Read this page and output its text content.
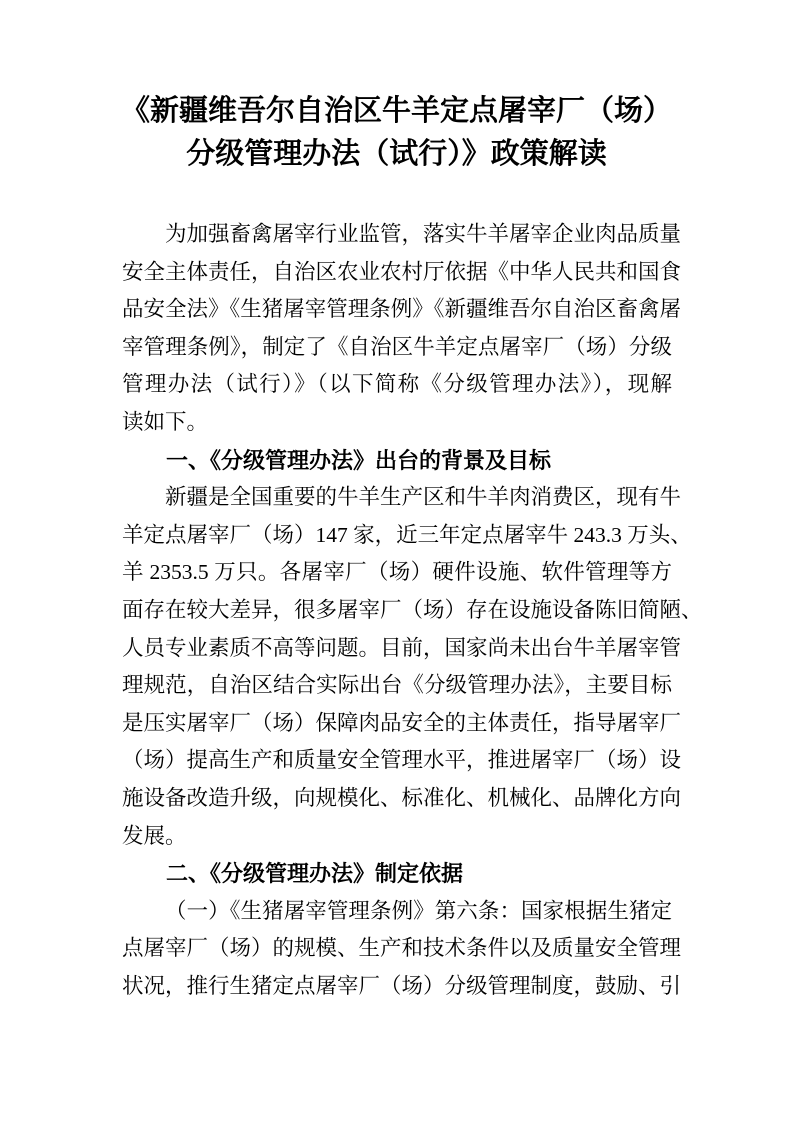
《新疆维吾尔自治区牛羊定点屠宰厂（场）
分级管理办法（试行）》政策解读
为加强畜禽屠宰行业监管，落实牛羊屠宰企业肉品质量
安全主体责任，自治区农业农村厅依据《中华人民共和国食
品安全法》《生猪屠宰管理条例》《新疆维吾尔自治区畜禽屠
宰管理条例》，制定了《自治区牛羊定点屠宰厂（场）分级
管理办法（试行）》（以下简称《分级管理办法》），现解
读如下。
一、《分级管理办法》出台的背景及目标
新疆是全国重要的牛羊生产区和牛羊肉消费区，现有牛
羊定点屠宰厂（场）147 家，近三年定点屠宰牛 243.3 万头、
羊 2353.5 万只。各屠宰厂（场）硬件设施、软件管理等方
面存在较大差异，很多屠宰厂（场）存在设施设备陈旧简陋、
人员专业素质不高等问题。目前，国家尚未出台牛羊屠宰管
理规范，自治区结合实际出台《分级管理办法》，主要目标
是压实屠宰厂（场）保障肉品安全的主体责任，指导屠宰厂
（场）提高生产和质量安全管理水平，推进屠宰厂（场）设
施设备改造升级，向规模化、标准化、机械化、品牌化方向
发展。
二、《分级管理办法》制定依据
（一）《生猪屠宰管理条例》第六条：国家根据生猪定
点屠宰厂（场）的规模、生产和技术条件以及质量安全管理
状况，推行生猪定点屠宰厂（场）分级管理制度，鼓励、引
